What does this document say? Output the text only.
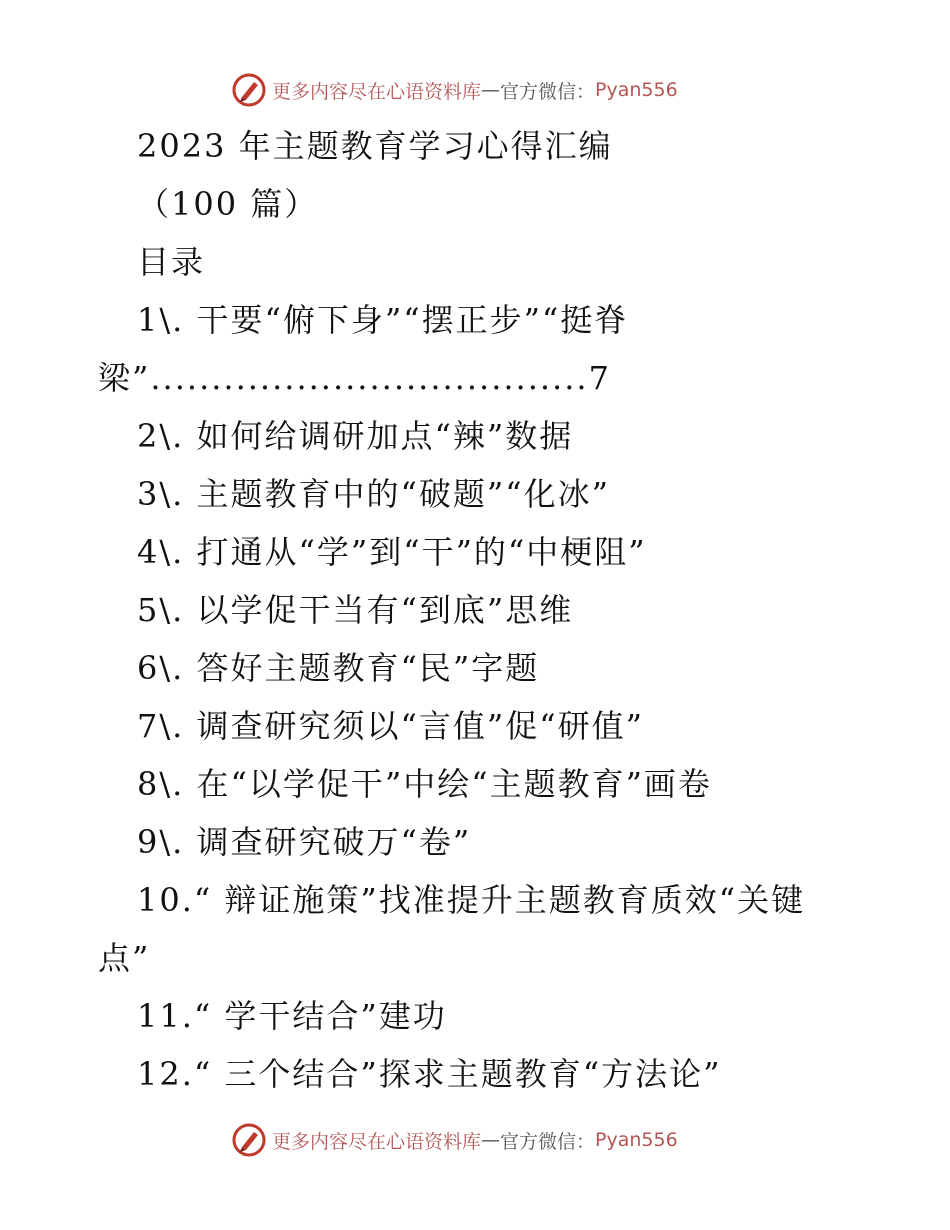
更多内容尽在心语资料库 — 官方微信： Pyan556
2023 年主题教育学习心得汇编
（100 篇）
目录
1\. 干要“俯下身”“摆正步”“挺脊
梁”....................................7
2\. 如何给调研加点“辣”数据
3\. 主题教育中的“破题”“化冰”
4\. 打通从“学”到“干”的“中梗阻”
5\. 以学促干当有“到底”思维
6\. 答好主题教育“民”字题
7\. 调查研究须以“言值”促“研值”
8\. 在“以学促干”中绘“主题教育”画卷
9\. 调查研究破万“卷”
10.“ 辩证施策”找准提升主题教育质效“关键
点”
11.“ 学干结合”建功
12.“ 三个结合”探求主题教育“方法论”
更多内容尽在心语资料库 — 官方微信： Pyan556
